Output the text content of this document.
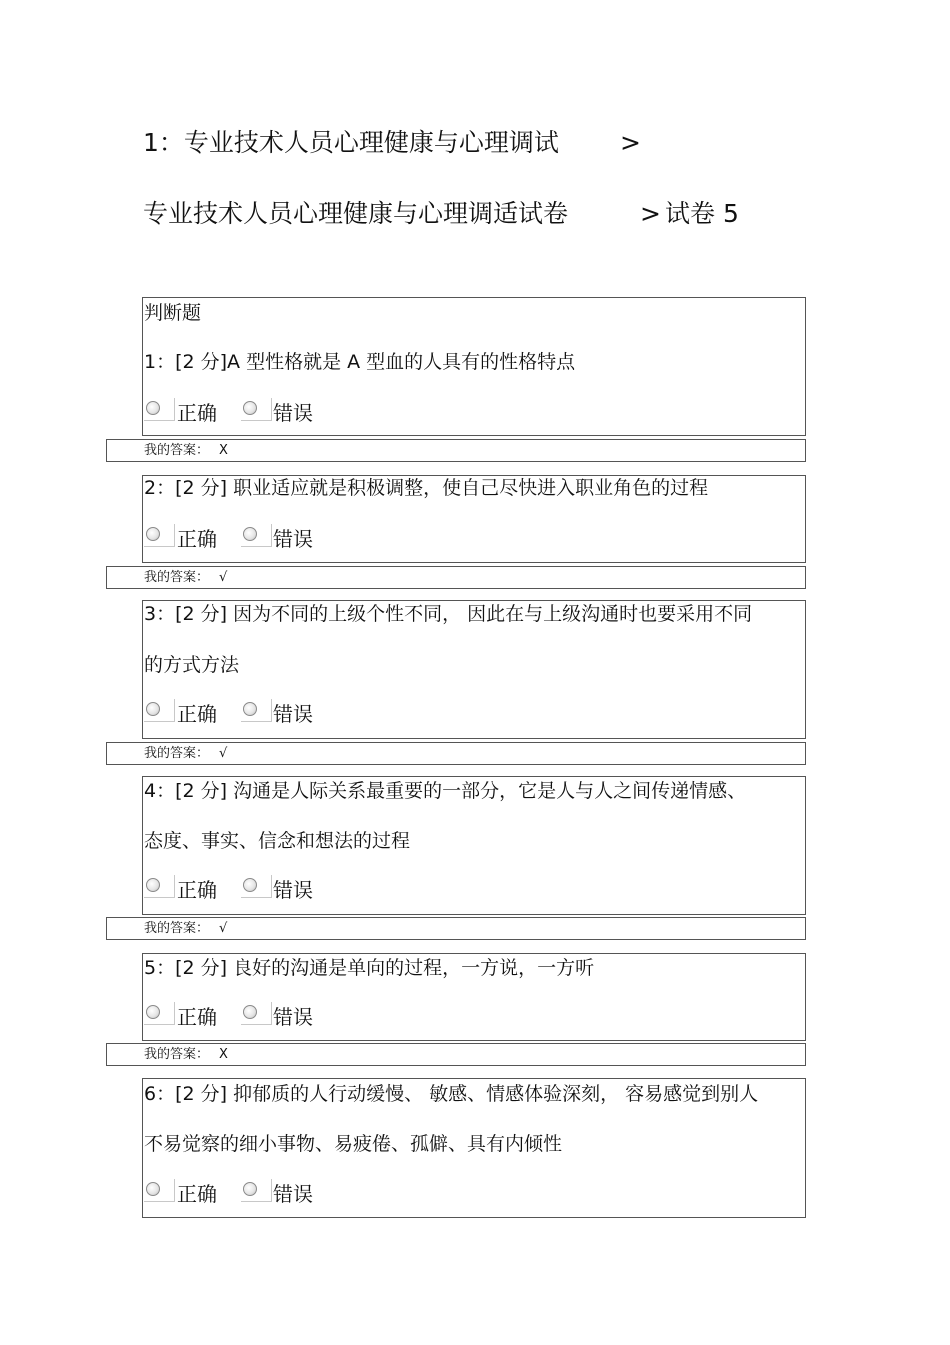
1：专业技术人员心理健康与心理调试 >
专业技术人员心理健康与心理调适试卷	> 试卷 5
判断题
1：[2 分]A 型性格就是 A 型血的人具有的性格特点
正确	错误
我的答案： X
2：[2 分] 职业适应就是积极调整，使自己尽快进入职业角色的过程
正确	错误
我的答案： √
3：[2 分] 因为不同的上级个性不同， 因此在与上级沟通时也要采用不同
的方式方法
正确	错误
我的答案： √
4：[2 分] 沟通是人际关系最重要的一部分，它是人与人之间传递情感、
态度、事实、信念和想法的过程
正确	错误
我的答案： √
5：[2 分] 良好的沟通是单向的过程，一方说，一方听
正确	错误
我的答案： X
6：[2 分] 抑郁质的人行动缓慢、 敏感、情感体验深刻， 容易感觉到别人
不易觉察的细小事物、易疲倦、孤僻、具有内倾性
正确	错误
